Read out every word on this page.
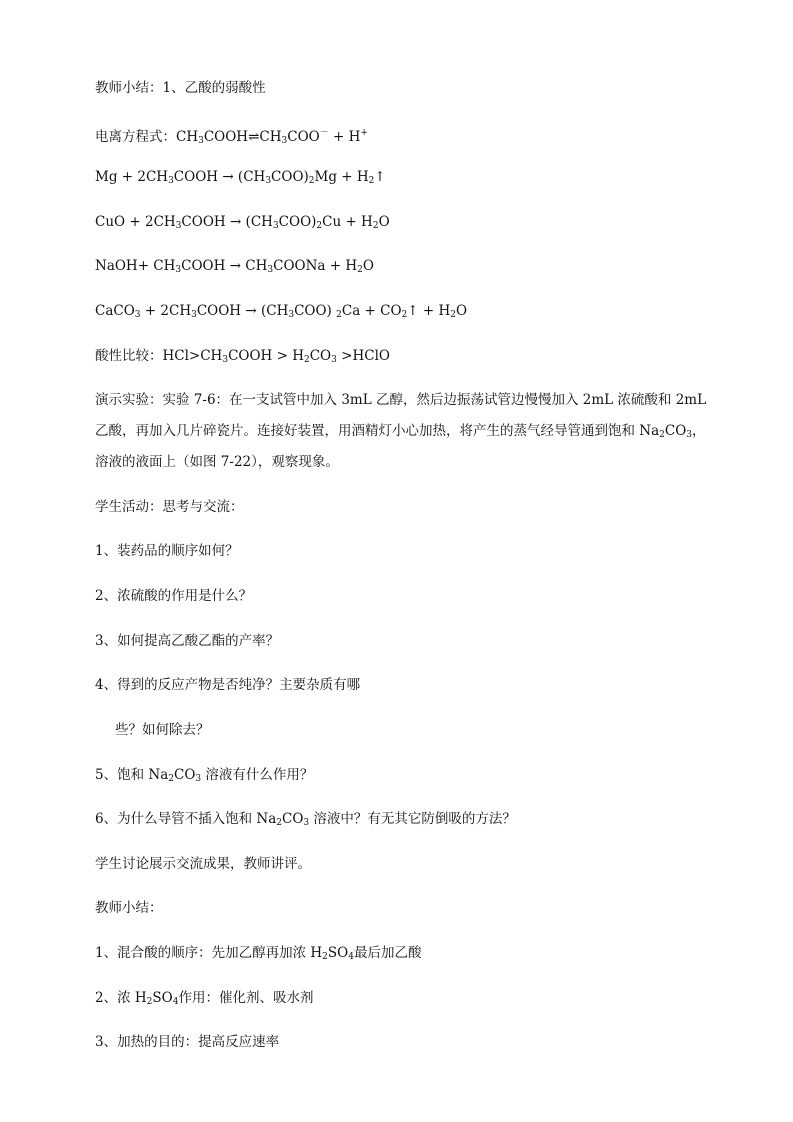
教师小结：1、乙酸的弱酸性
电离方程式：$CH_3COOH\rightleftharpoons CH_3COO^- + H^+$
$Mg + 2CH_3COOH \to (CH_3COO)_2Mg$ + $H_2↑$
CuO + $2CH_3COOH \to (CH_3COO)_2Cu + H_2O$
NaOH+ $CH_3COOH$ → $CH_3COONa + H_2O$
CaCO$_3$ + $2CH_3COOH \to (CH_3COO) _2Ca$ + $CO_2↑ + H_2O$
酸性比较：$HCl>CH_3COOH > H_2CO_3$ >HClO
演示实验：实验 7-6：在一支试管中加入 3mL 乙醇，然后边振荡试管边慢慢加入 2mL 浓硫酸和 2mL
乙酸，再加入几片碎瓷片。连接好装置，用酒精灯小心加热，将产生的蒸气经导管通到饱和 $Na_2CO_3$，
溶液的液面上（如图 7-22），观察现象。
学生活动：思考与交流：
1、装药品的顺序如何？
2、浓硫酸的作用是什么？
3、如何提高乙酸乙酯的产率？
4、得到的反应产物是否纯净？主要杂质有哪
些？如何除去？
5、饱和 $Na_2CO_3$ 溶液有什么作用？
6、为什么导管不插入饱和 $Na_2CO_3$ 溶液中？有无其它防倒吸的方法？
学生讨论展示交流成果，教师讲评。
教师小结：
1、混合酸的顺序：先加乙醇再加浓 $H_2SO_4$最后加乙酸
2、浓 $H_2SO_4$作用：催化剂、吸水剂
3、加热的目的：提高反应速率
